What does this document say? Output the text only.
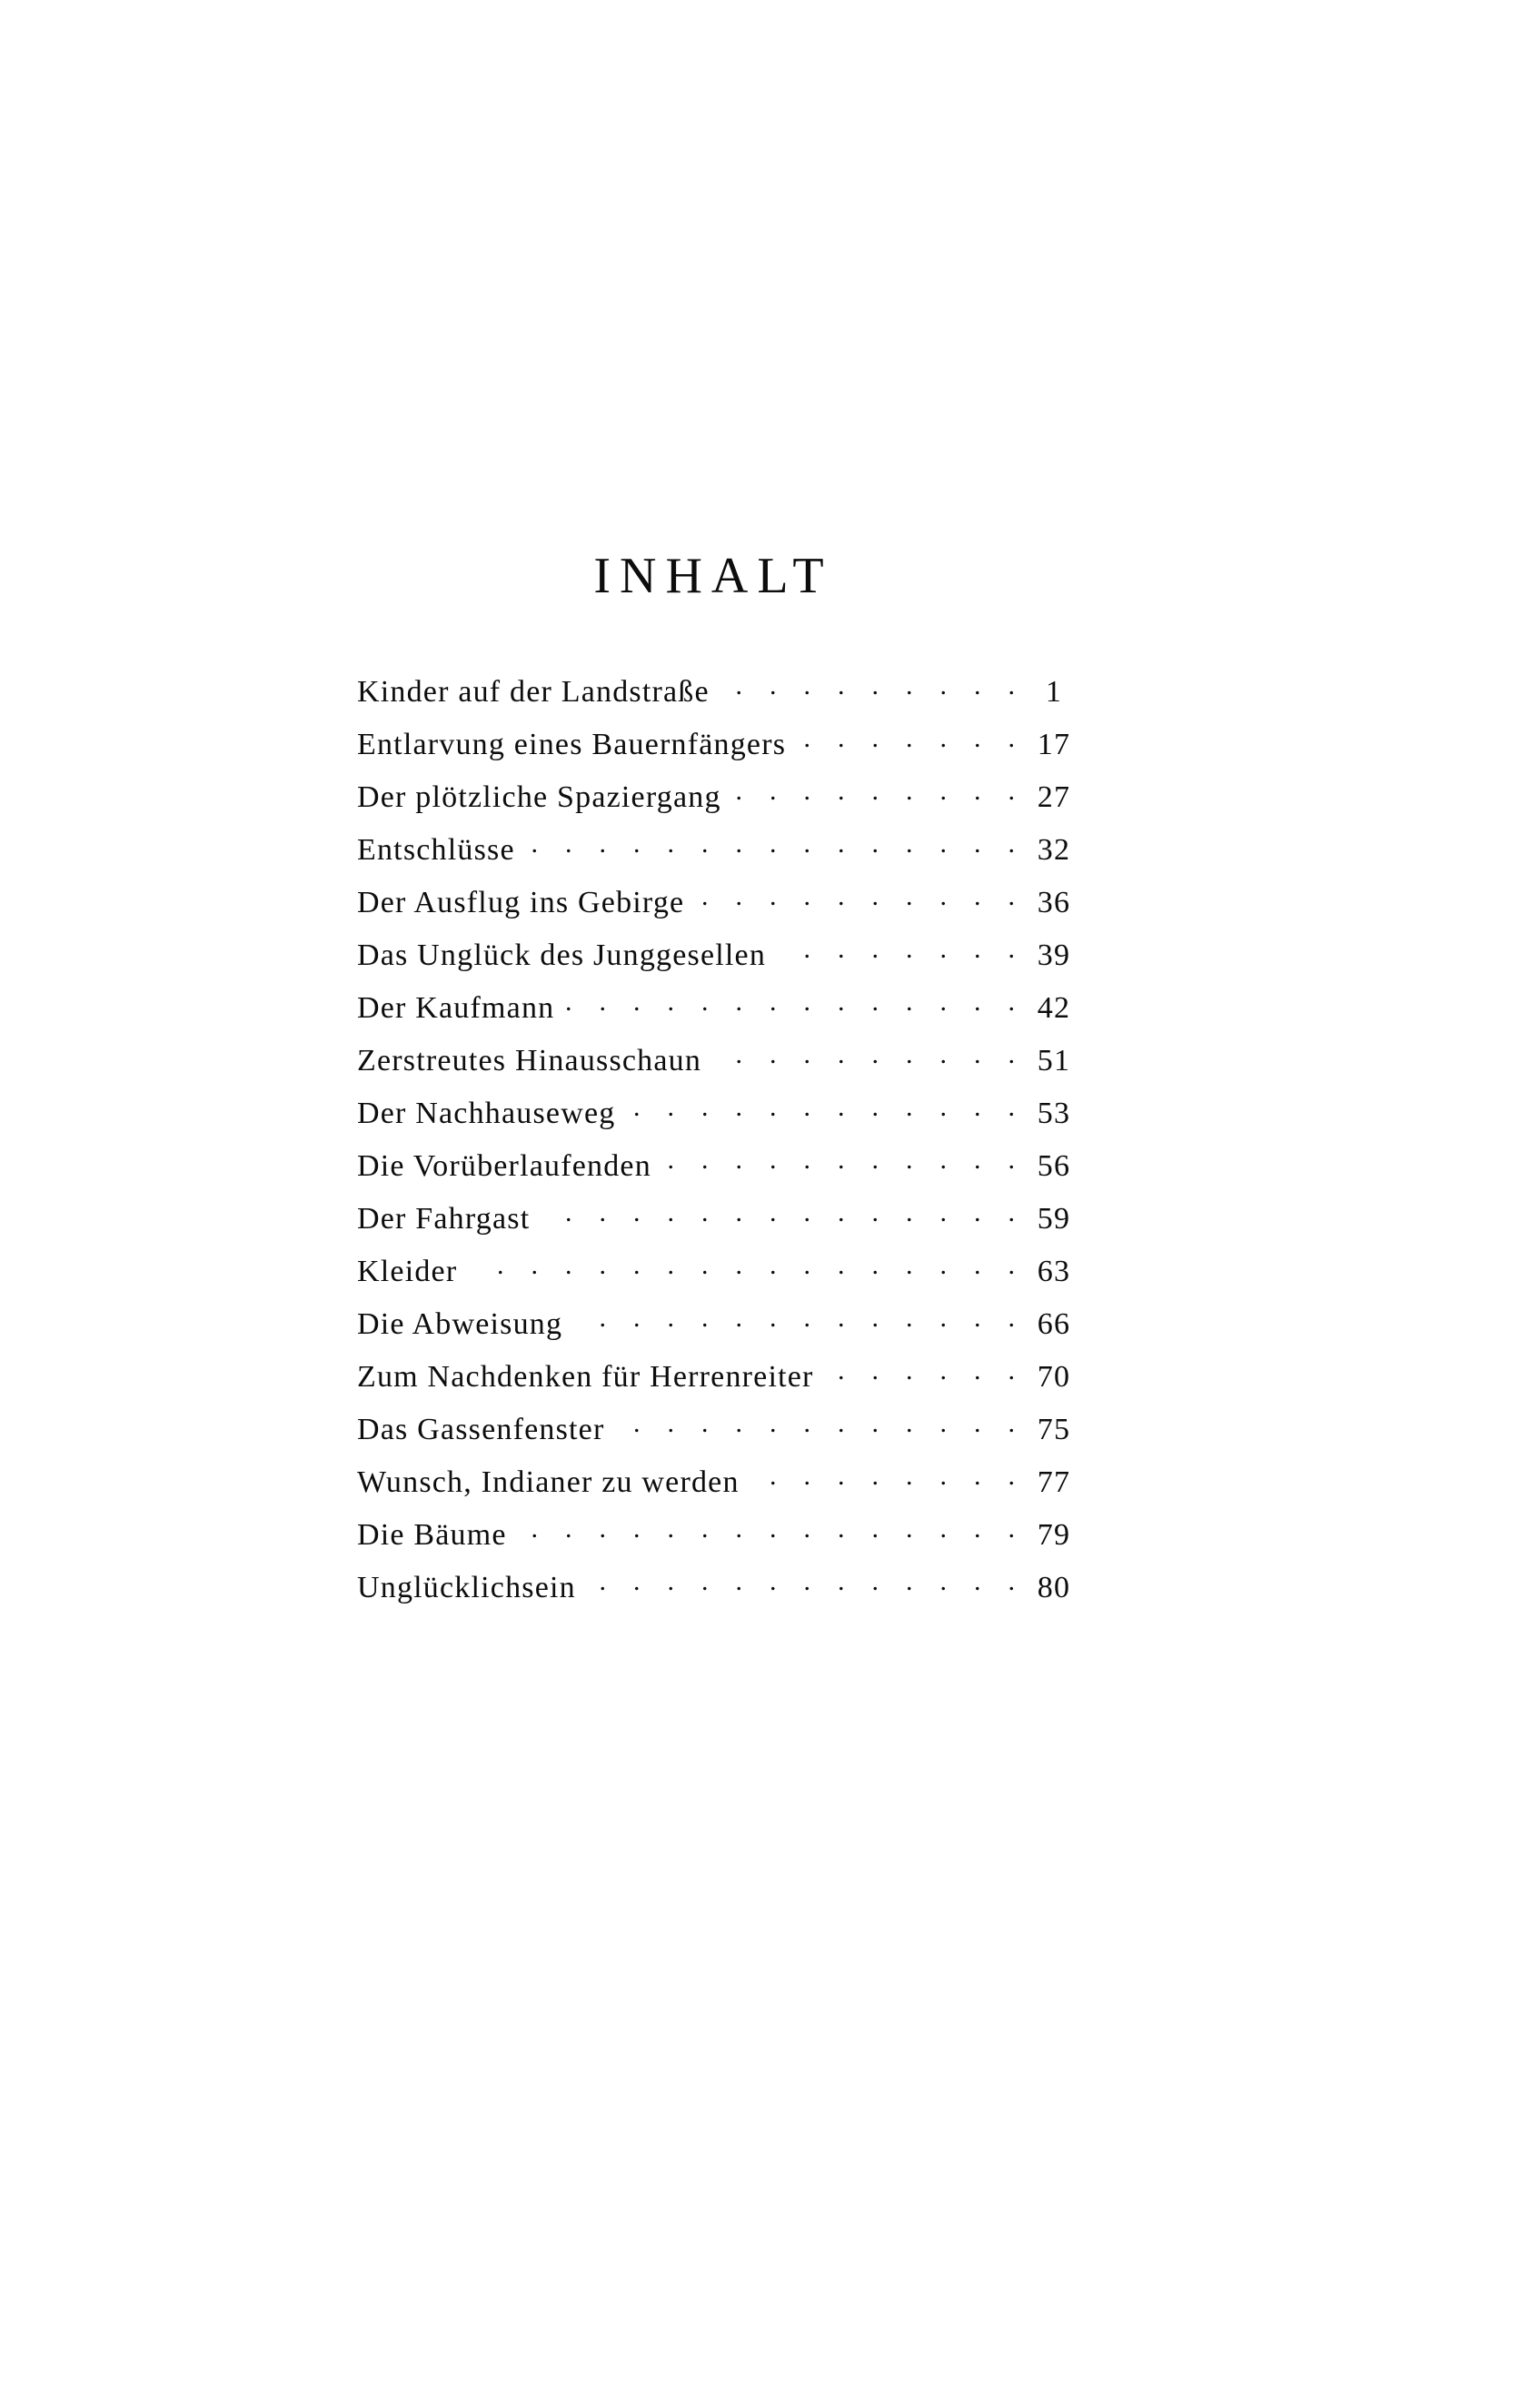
INHALT
Kinder auf der Landstraße .	1
Entlarvung eines Bauernfängers .	17
Der plötzliche Spaziergang .	27
Entschlüsse .	32
Der Ausflug ins Gebirge .	36
Das Unglück des Junggesellen .	39
Der Kaufmann .	42
Zerstreutes Hinausschaun .	51
Der Nachhauseweg .	53
Die Vorüberlaufenden .	56
Der Fahrgast .	59
Kleider .	63
Die Abweisung .	66
Zum Nachdenken für Herrenreiter .	70
Das Gassenfenster .	75
Wunsch, Indianer zu werden .	77
Die Bäume .	79
Unglücklichsein .	80
